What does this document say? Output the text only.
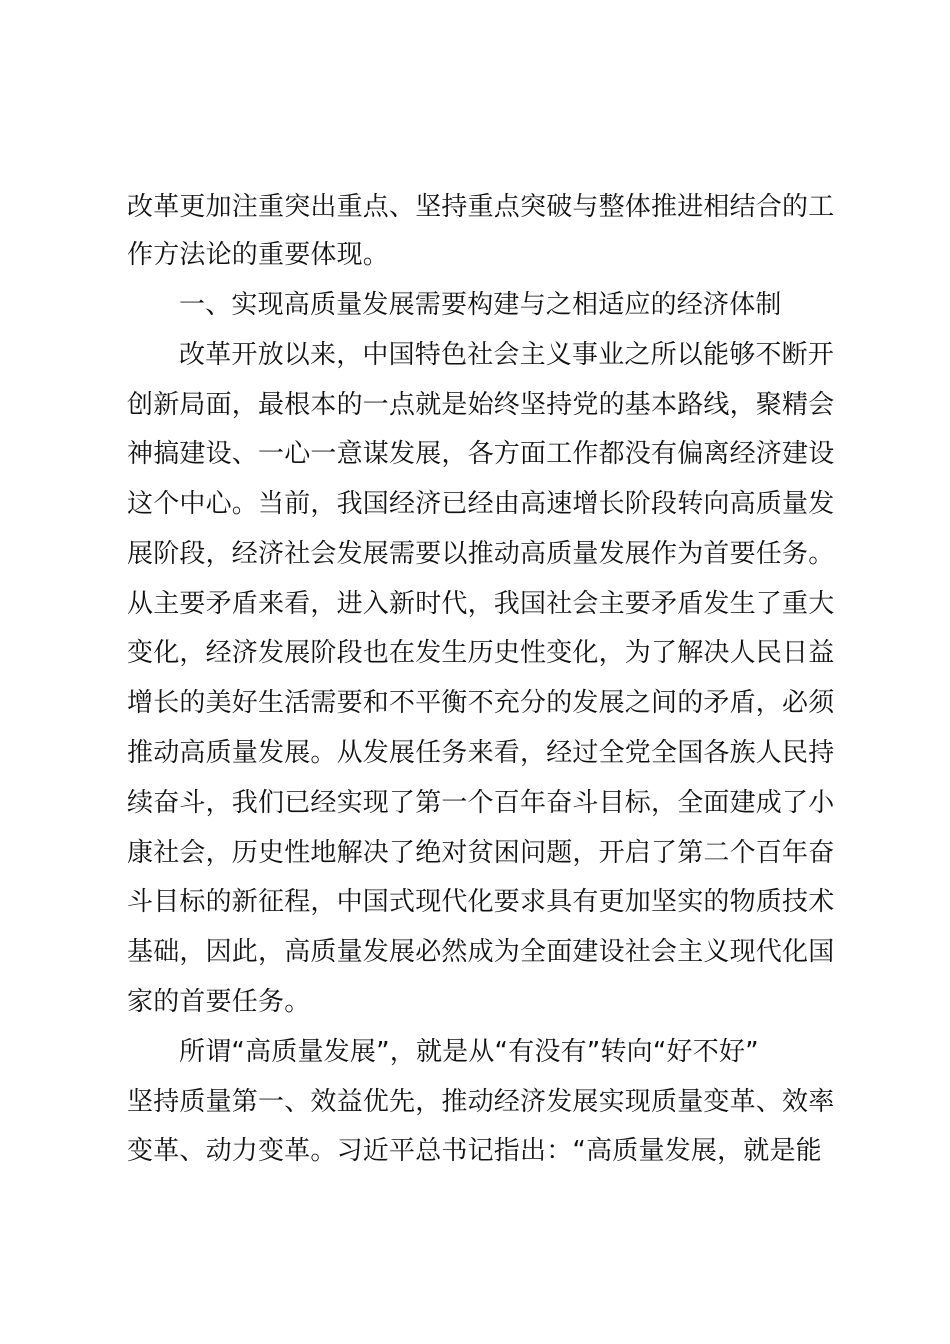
改革更加注重突出重点、坚持重点突破与整体推进相结合的工
作方法论的重要体现。
一、实现高质量发展需要构建与之相适应的经济体制
改革开放以来，中国特色社会主义事业之所以能够不断开
创新局面，最根本的一点就是始终坚持党的基本路线，聚精会
神搞建设、一心一意谋发展，各方面工作都没有偏离经济建设
这个中心。当前，我国经济已经由高速增长阶段转向高质量发
展阶段，经济社会发展需要以推动高质量发展作为首要任务。
从主要矛盾来看，进入新时代，我国社会主要矛盾发生了重大
变化，经济发展阶段也在发生历史性变化，为了解决人民日益
增长的美好生活需要和不平衡不充分的发展之间的矛盾，必须
推动高质量发展。从发展任务来看，经过全党全国各族人民持
续奋斗，我们已经实现了第一个百年奋斗目标，全面建成了小
康社会，历史性地解决了绝对贫困问题，开启了第二个百年奋
斗目标的新征程，中国式现代化要求具有更加坚实的物质技术
基础，因此，高质量发展必然成为全面建设社会主义现代化国
家的首要任务。
所谓“高质量发展”，就是从“有没有”转向“好不好”
坚持质量第一、效益优先，推动经济发展实现质量变革、效率
变革、动力变革。习近平总书记指出：“高质量发展，就是能
